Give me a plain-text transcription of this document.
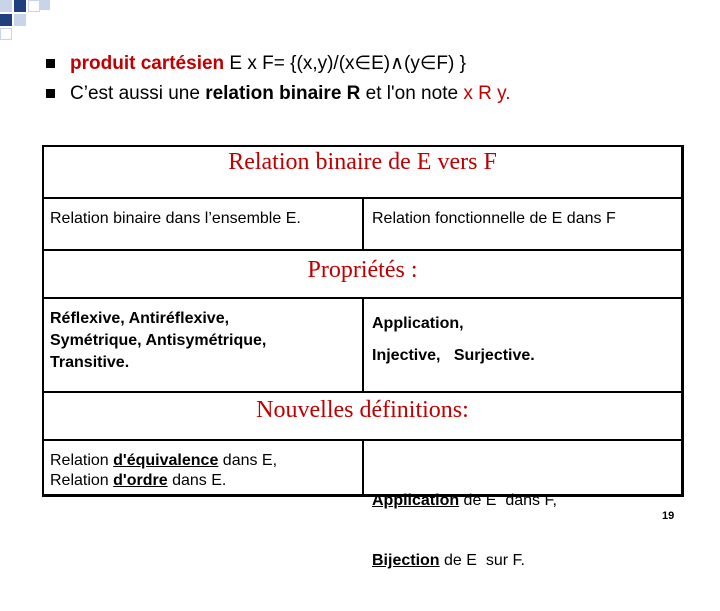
produit cartésien E x F= {(x,y)/(x∈E)∧(y∈F) }
C’est aussi une relation binaire R et l'on note x R y.
Relation binaire de E vers F
Relation binaire dans l’ensemble E.	Relation fonctionnelle de E dans F
Propriétés :
Réflexive, Antiréflexive,
Symétrique, Antisymétrique,
Transitive.
Application,
Injective,   Surjective.
Nouvelles définitions:
Relation d'équivalence dans E,
Relation d'ordre dans E.

Application de E  dans F,

Bijection de E  sur F.

19
